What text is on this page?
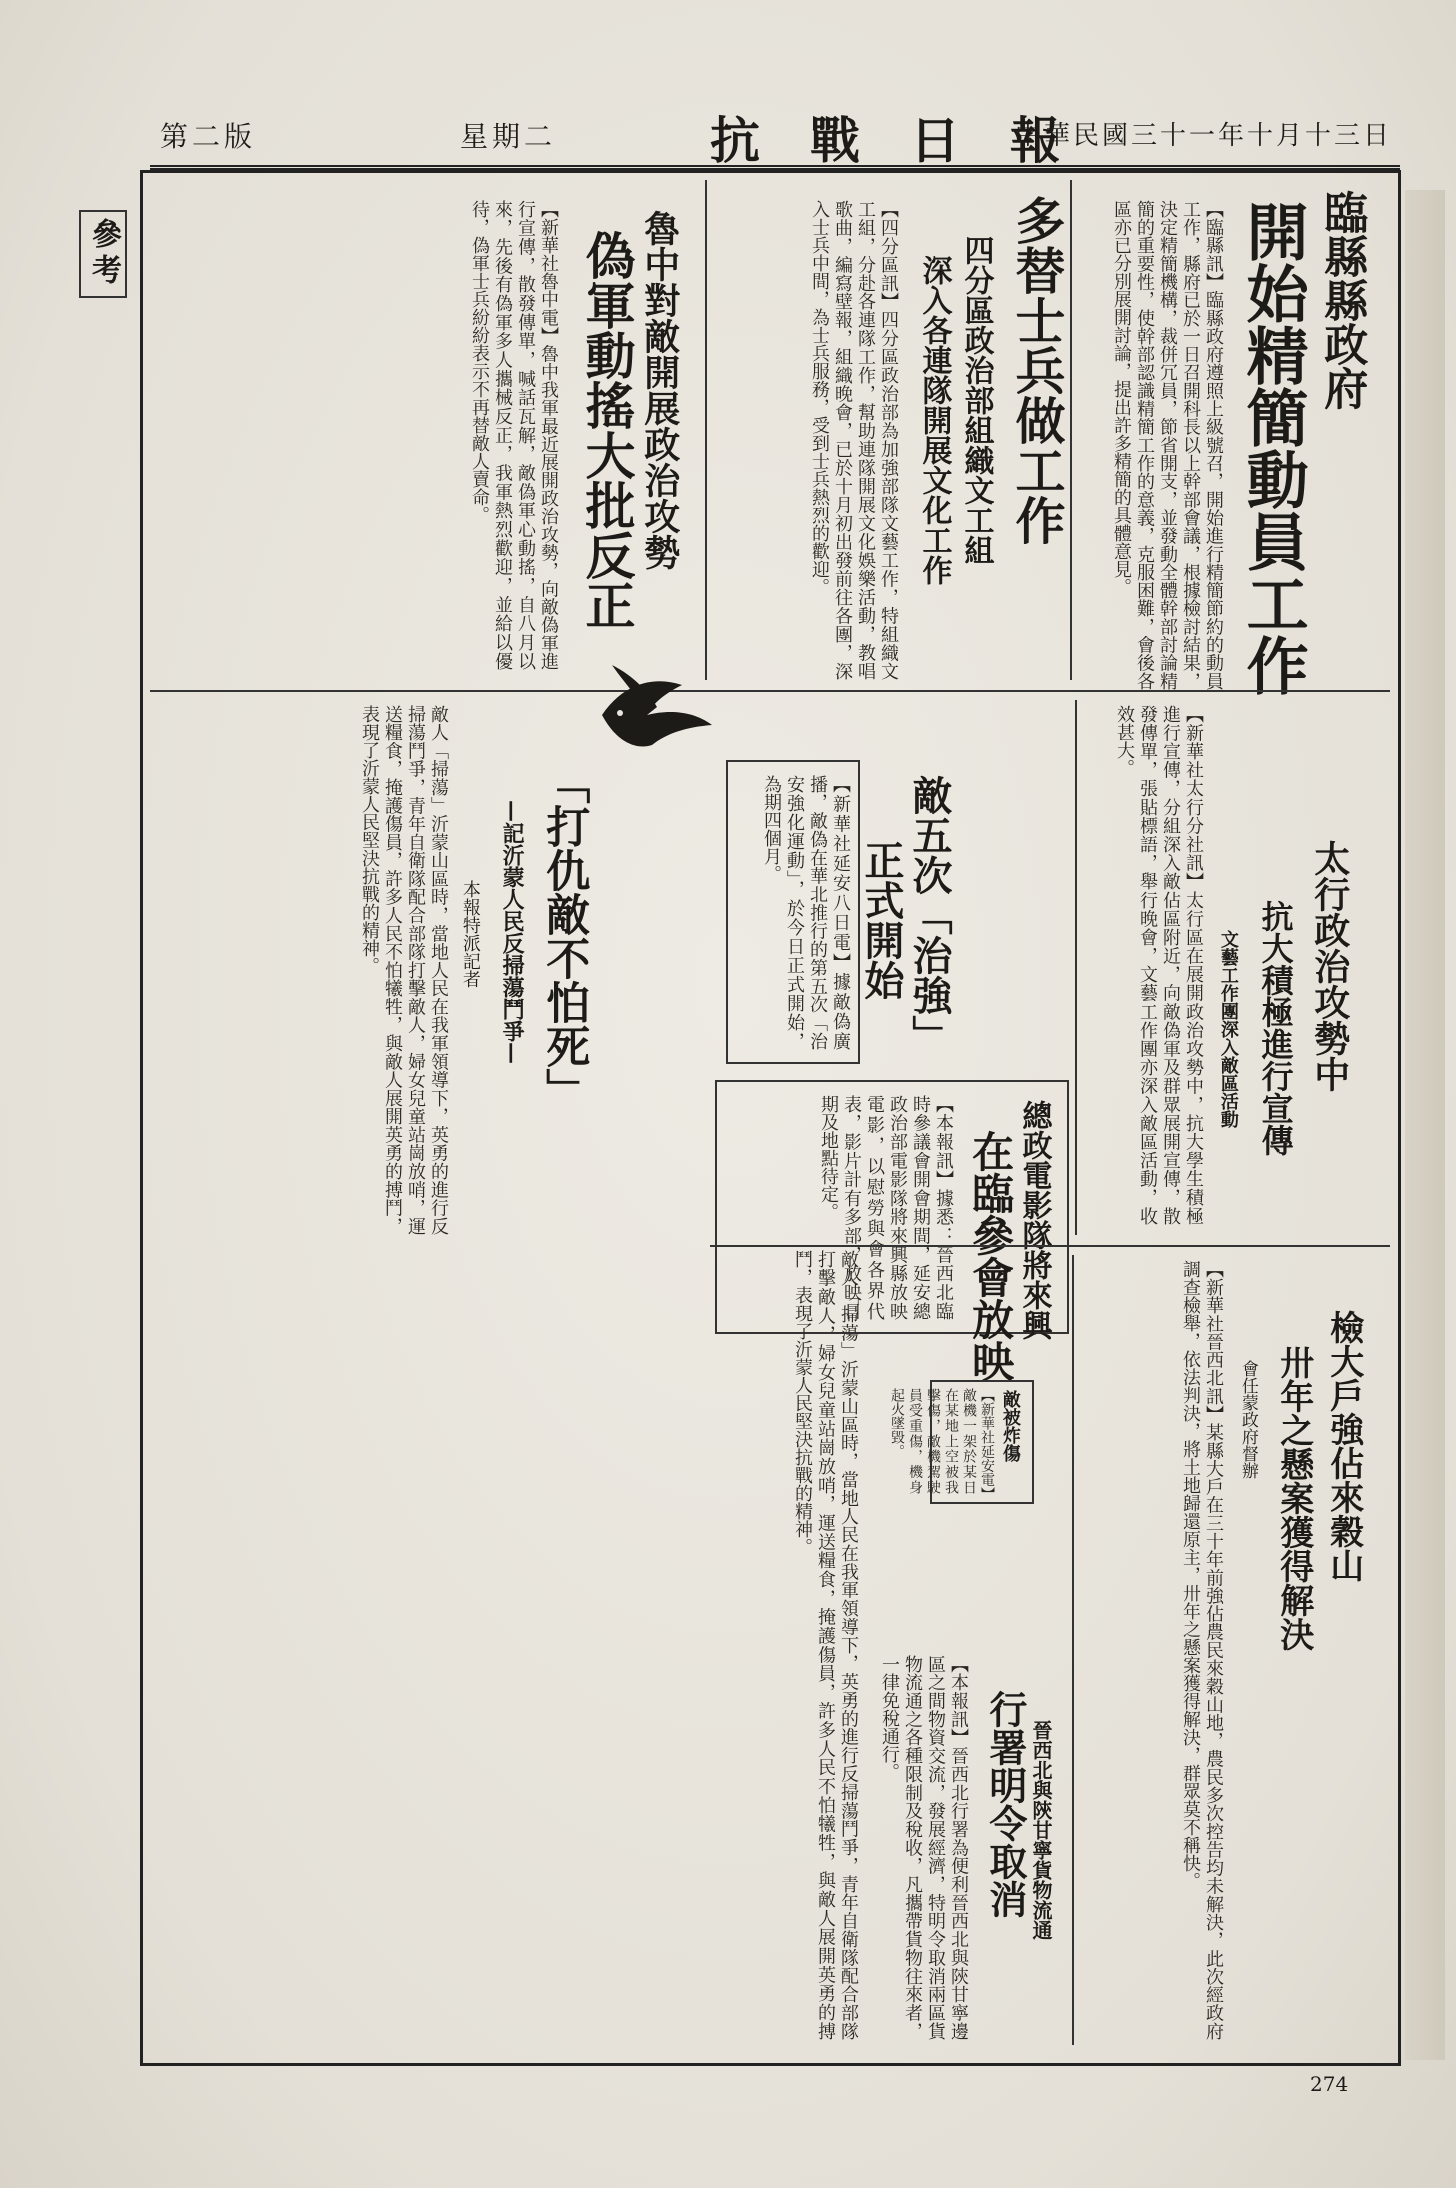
第二版	星期二	抗戰日報
中華民國三十一年十月十三日
參考	臨縣縣政府
開始精簡動員工作
【臨縣訊】臨縣政府遵照上級號召，開始進行精簡節約的動員工作，縣府已於一日召開科長以上幹部會議，根據檢討結果，決定精簡機構，裁併冗員，節省開支，並發動全體幹部討論精簡的重要性，使幹部認識精簡工作的意義，克服困難，會後各區亦已分別展開討論，提出許多精簡的具體意見。
多替士兵做工作
四分區政治部組織文工組
深入各連隊開展文化工作
【四分區訊】四分區政治部為加強部隊文藝工作，特組織文工組，分赴各連隊工作，幫助連隊開展文化娛樂活動，教唱歌曲，編寫壁報，組織晚會，已於十月初出發前往各團，深入士兵中間，為士兵服務，受到士兵熱烈的歡迎。
魯中對敵開展政治攻勢
偽軍動搖大批反正
【新華社魯中電】魯中我軍最近展開政治攻勢，向敵偽軍進行宣傳，散發傳單，喊話瓦解，敵偽軍心動搖，自八月以來，先後有偽軍多人攜械反正，我軍熱烈歡迎，並給以優待，偽軍士兵紛紛表示不再替敵人賣命。
敵五次「治強」
正式開始
【新華社延安八日電】據敵偽廣播，敵偽在華北推行的第五次「治安強化運動」，於今日正式開始，為期四個月。
「打仇敵不怕死」
—記沂蒙人民反掃蕩鬥爭—
本報特派記者
敵人「掃蕩」沂蒙山區時，當地人民在我軍領導下，英勇的進行反掃蕩鬥爭，青年自衛隊配合部隊打擊敵人，婦女兒童站崗放哨，運送糧食，掩護傷員，許多人民不怕犧牲，與敵人展開英勇的搏鬥，表現了沂蒙人民堅決抗戰的精神。	太行政治攻勢中
抗大積極進行宣傳
文藝工作團深入敵區活動
【新華社太行分社訊】太行區在展開政治攻勢中，抗大學生積極進行宣傳，分組深入敵佔區附近，向敵偽軍及群眾展開宣傳，散發傳單，張貼標語，舉行晚會，文藝工作團亦深入敵區活動，收效甚大。
總政電影隊將來興
在臨參會放映
【本報訊】據悉：晉西北臨時參議會開會期間，延安總政治部電影隊將來興縣放映電影，以慰勞與會各界代表，影片計有多部，放映日期及地點待定。
檢大戶強佔來穀山
卅年之懸案獲得解決
會任蒙政府督辦
【新華社晉西北訊】某縣大戶在三十年前強佔農民來穀山地，農民多次控告均未解決，此次經政府調查檢舉，依法判決，將土地歸還原主，卅年之懸案獲得解決，群眾莫不稱快。
晉西北與陝甘寧貨物流通
行署明令取消
【本報訊】晉西北行署為便利晉西北與陝甘寧邊區之間物資交流，發展經濟，特明令取消兩區貨物流通之各種限制及稅收，凡攜帶貨物往來者，一律免稅通行。
敵被炸傷
【新華社延安電】敵機一架於某日在某地上空被我擊傷，敵機駕駛員受重傷，機身起火墜毀。
敵人「掃蕩」沂蒙山區時，當地人民在我軍領導下，英勇的進行反掃蕩鬥爭，青年自衛隊配合部隊打擊敵人，婦女兒童站崗放哨，運送糧食，掩護傷員，許多人民不怕犧牲，與敵人展開英勇的搏鬥，表現了沂蒙人民堅決抗戰的精神。
274
